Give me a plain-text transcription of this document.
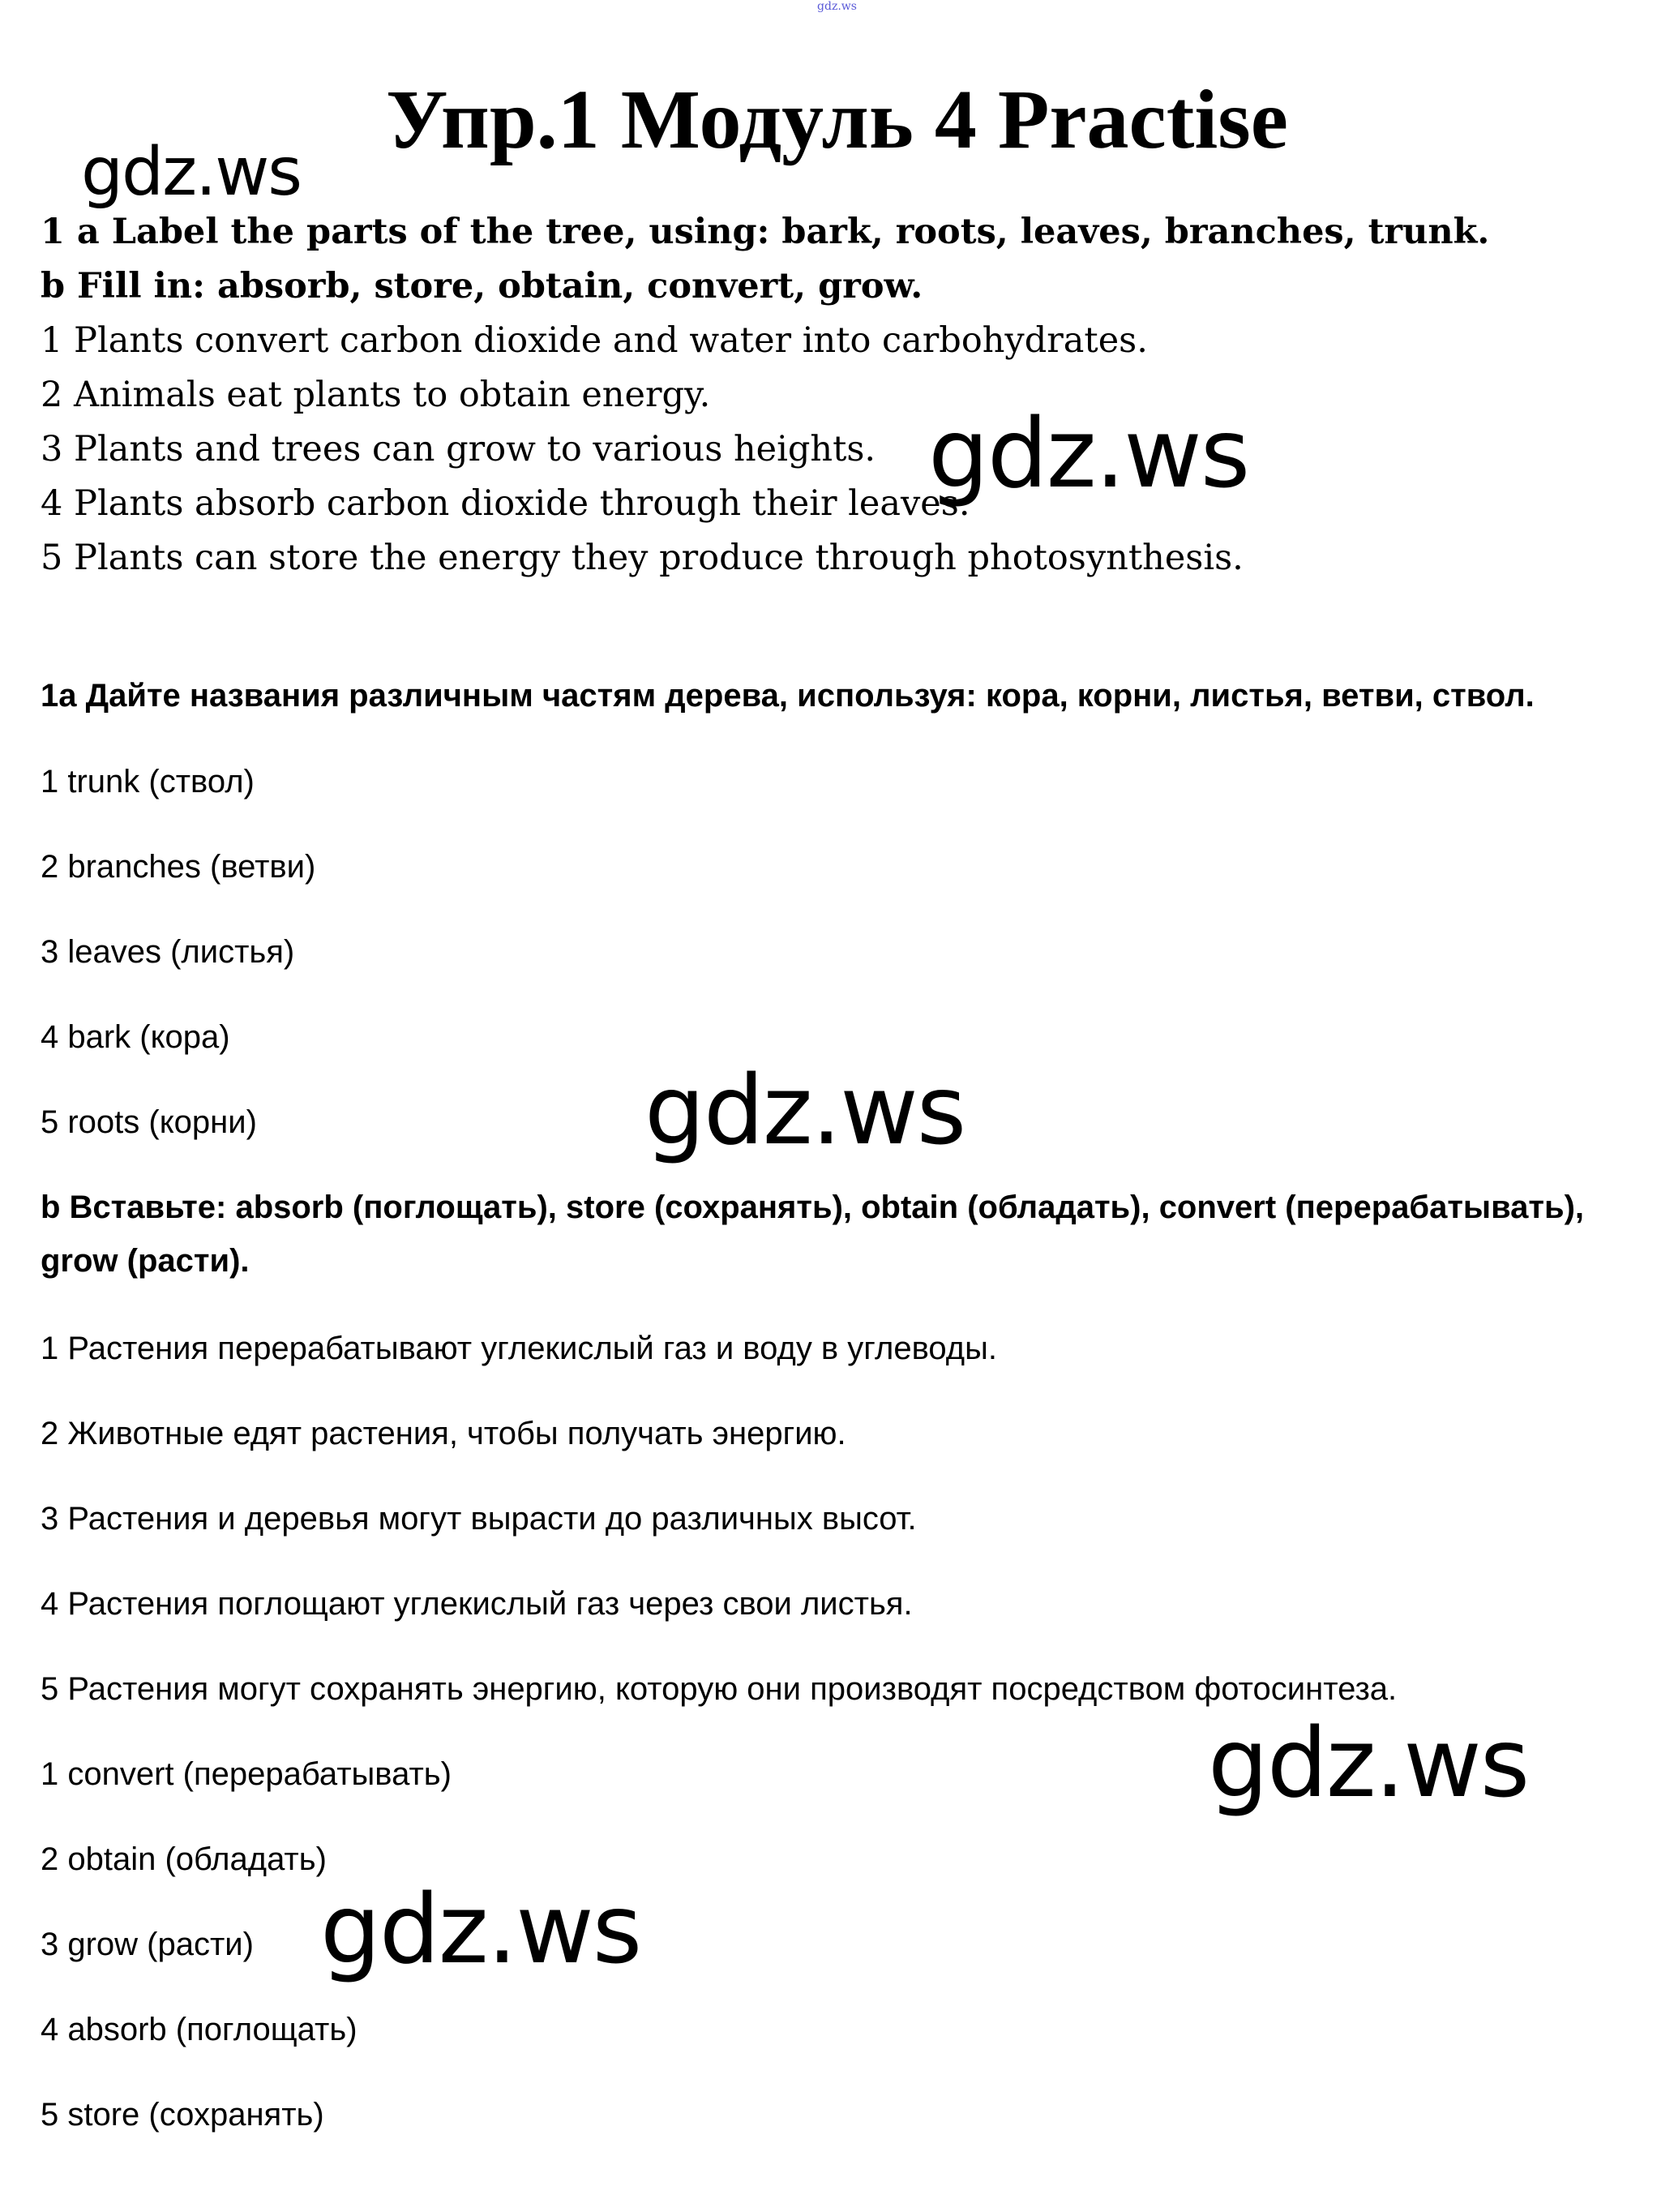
gdz.ws
Упр.1 Модуль 4 Practise
1 a Label the parts of the tree, using: bark, roots, leaves, branches, trunk.
b Fill in: absorb, store, obtain, convert, grow.
1 Plants convert carbon dioxide and water into carbohydrates.
2 Animals eat plants to obtain energy.
3 Plants and trees can grow to various heights.
4 Plants absorb carbon dioxide through their leaves.
5 Plants can store the energy they produce through photosynthesis.
1a Дайте названия различным частям дерева, используя: кора, корни, листья, ветви, ствол.
1 trunk (ствол)
2 branches (ветви)
3 leaves (листья)
4 bark (кора)
5 roots (корни)
b Вставьте: absorb (поглощать), store (сохранять), obtain (обладать), convert (перерабатывать), grow (расти).
1 Растения перерабатывают углекислый газ и воду в углеводы.
2 Животные едят растения, чтобы получать энергию.
3 Растения и деревья могут вырасти до различных высот.
4 Растения поглощают углекислый газ через свои листья.
5 Растения могут сохранять энергию, которую они производят посредством фотосинтеза.
1 convert (перерабатывать)
2 obtain (обладать)
3 grow (расти)
4 absorb (поглощать)
5 store (сохранять)
gdz.ws
gdz.ws
gdz.ws
gdz.ws
gdz.ws
